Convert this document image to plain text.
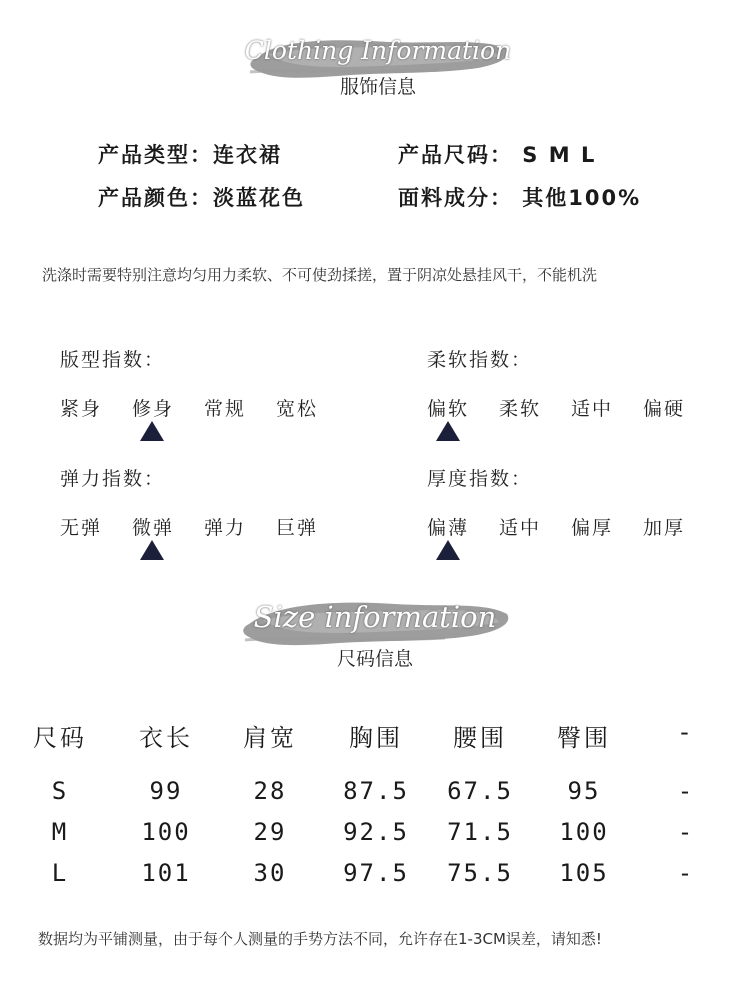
Clothing Information
服饰信息
产品类型：连衣裙	产品尺码： S M L
产品颜色：淡蓝花色	面料成分： 其他100%
洗涤时需要特别注意均匀用力柔软、不可使劲揉搓，置于阴凉处悬挂风干，不能机洗
版型指数：
紧身 修身 常规 宽松
柔软指数：
偏软 柔软 适中 偏硬
弹力指数：
无弹 微弹 弹力 巨弹
厚度指数：
偏薄 适中 偏厚 加厚
Size information
尺码信息
尺码	衣长	肩宽	胸围	腰围	臀围	-
S	99	28	87.5	67.5	95	-
M	100	29	92.5	71.5	100	-
L	101	30	97.5	75.5	105	-
数据均为平铺测量，由于每个人测量的手势方法不同，允许存在1-3CM误差，请知悉!
